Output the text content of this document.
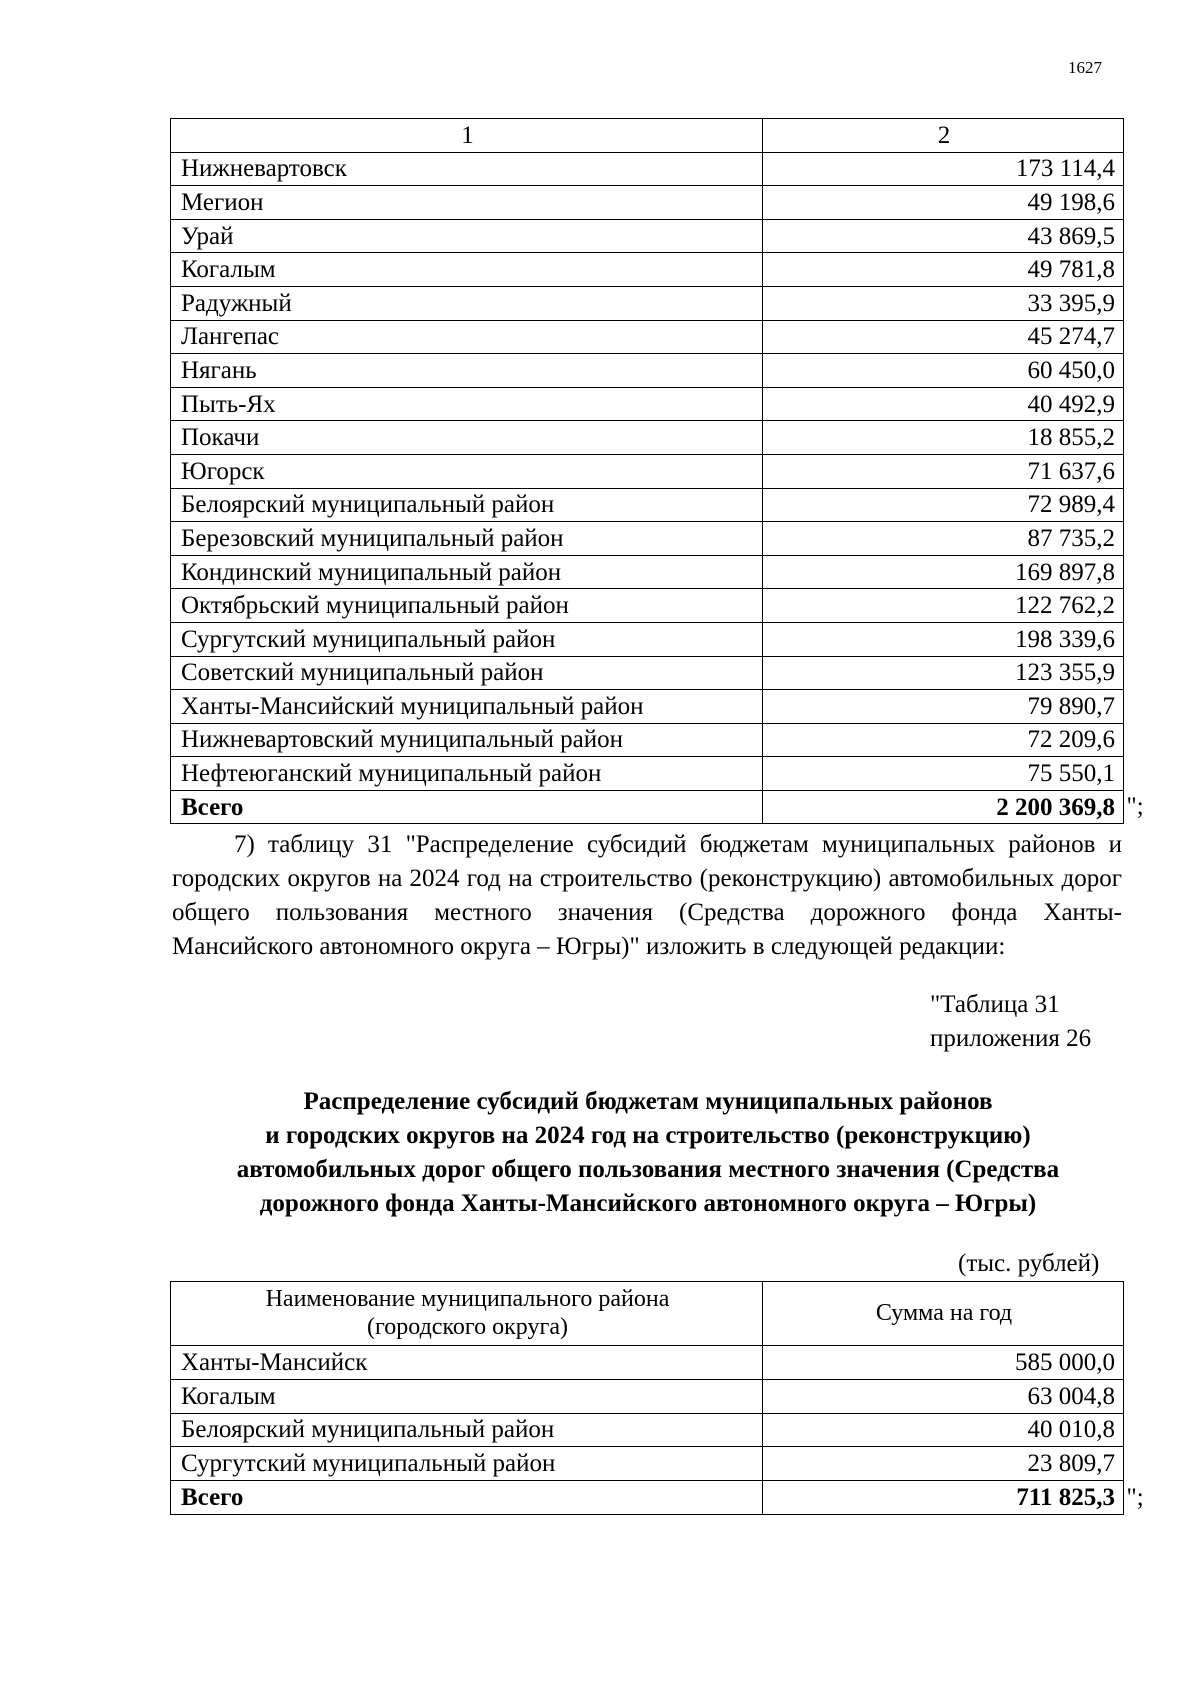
1627
1	2
Нижневартовск	173 114,4
Мегион	49 198,6
Урай	43 869,5
Когалым	49 781,8
Радужный	33 395,9
Лангепас	45 274,7
Нягань	60 450,0
Пыть-Ях	40 492,9
Покачи	18 855,2
Югорск	71 637,6
Белоярский муниципальный район	72 989,4
Березовский муниципальный район	87 735,2
Кондинский муниципальный район	169 897,8
Октябрьский муниципальный район	122 762,2
Сургутский муниципальный район	198 339,6
Советский муниципальный район	123 355,9
Ханты-Мансийский муниципальный район	79 890,7
Нижневартовский муниципальный район	72 209,6
Нефтеюганский муниципальный район	75 550,1
Всего	2 200 369,8 ";
7) таблицу 31 "Распределение субсидий бюджетам муниципальных районов и городских округов на 2024 год на строительство (реконструкцию) автомобильных дорог общего пользования местного значения (Средства дорожного фонда Ханты-Мансийского автономного округа – Югры)" изложить в следующей редакции:
"Таблица 31
приложения 26
Распределение субсидий бюджетам муниципальных районов
и городских округов на 2024 год на строительство (реконструкцию)
автомобильных дорог общего пользования местного значения (Средства
дорожного фонда Ханты-Мансийского автономного округа – Югры)
(тыс. рублей)
Наименование муниципального района
(городского округа)	Сумма на год
Ханты-Мансийск	585 000,0
Когалым	63 004,8
Белоярский муниципальный район	40 010,8
Сургутский муниципальный район	23 809,7
Всего	711 825,3 ";
